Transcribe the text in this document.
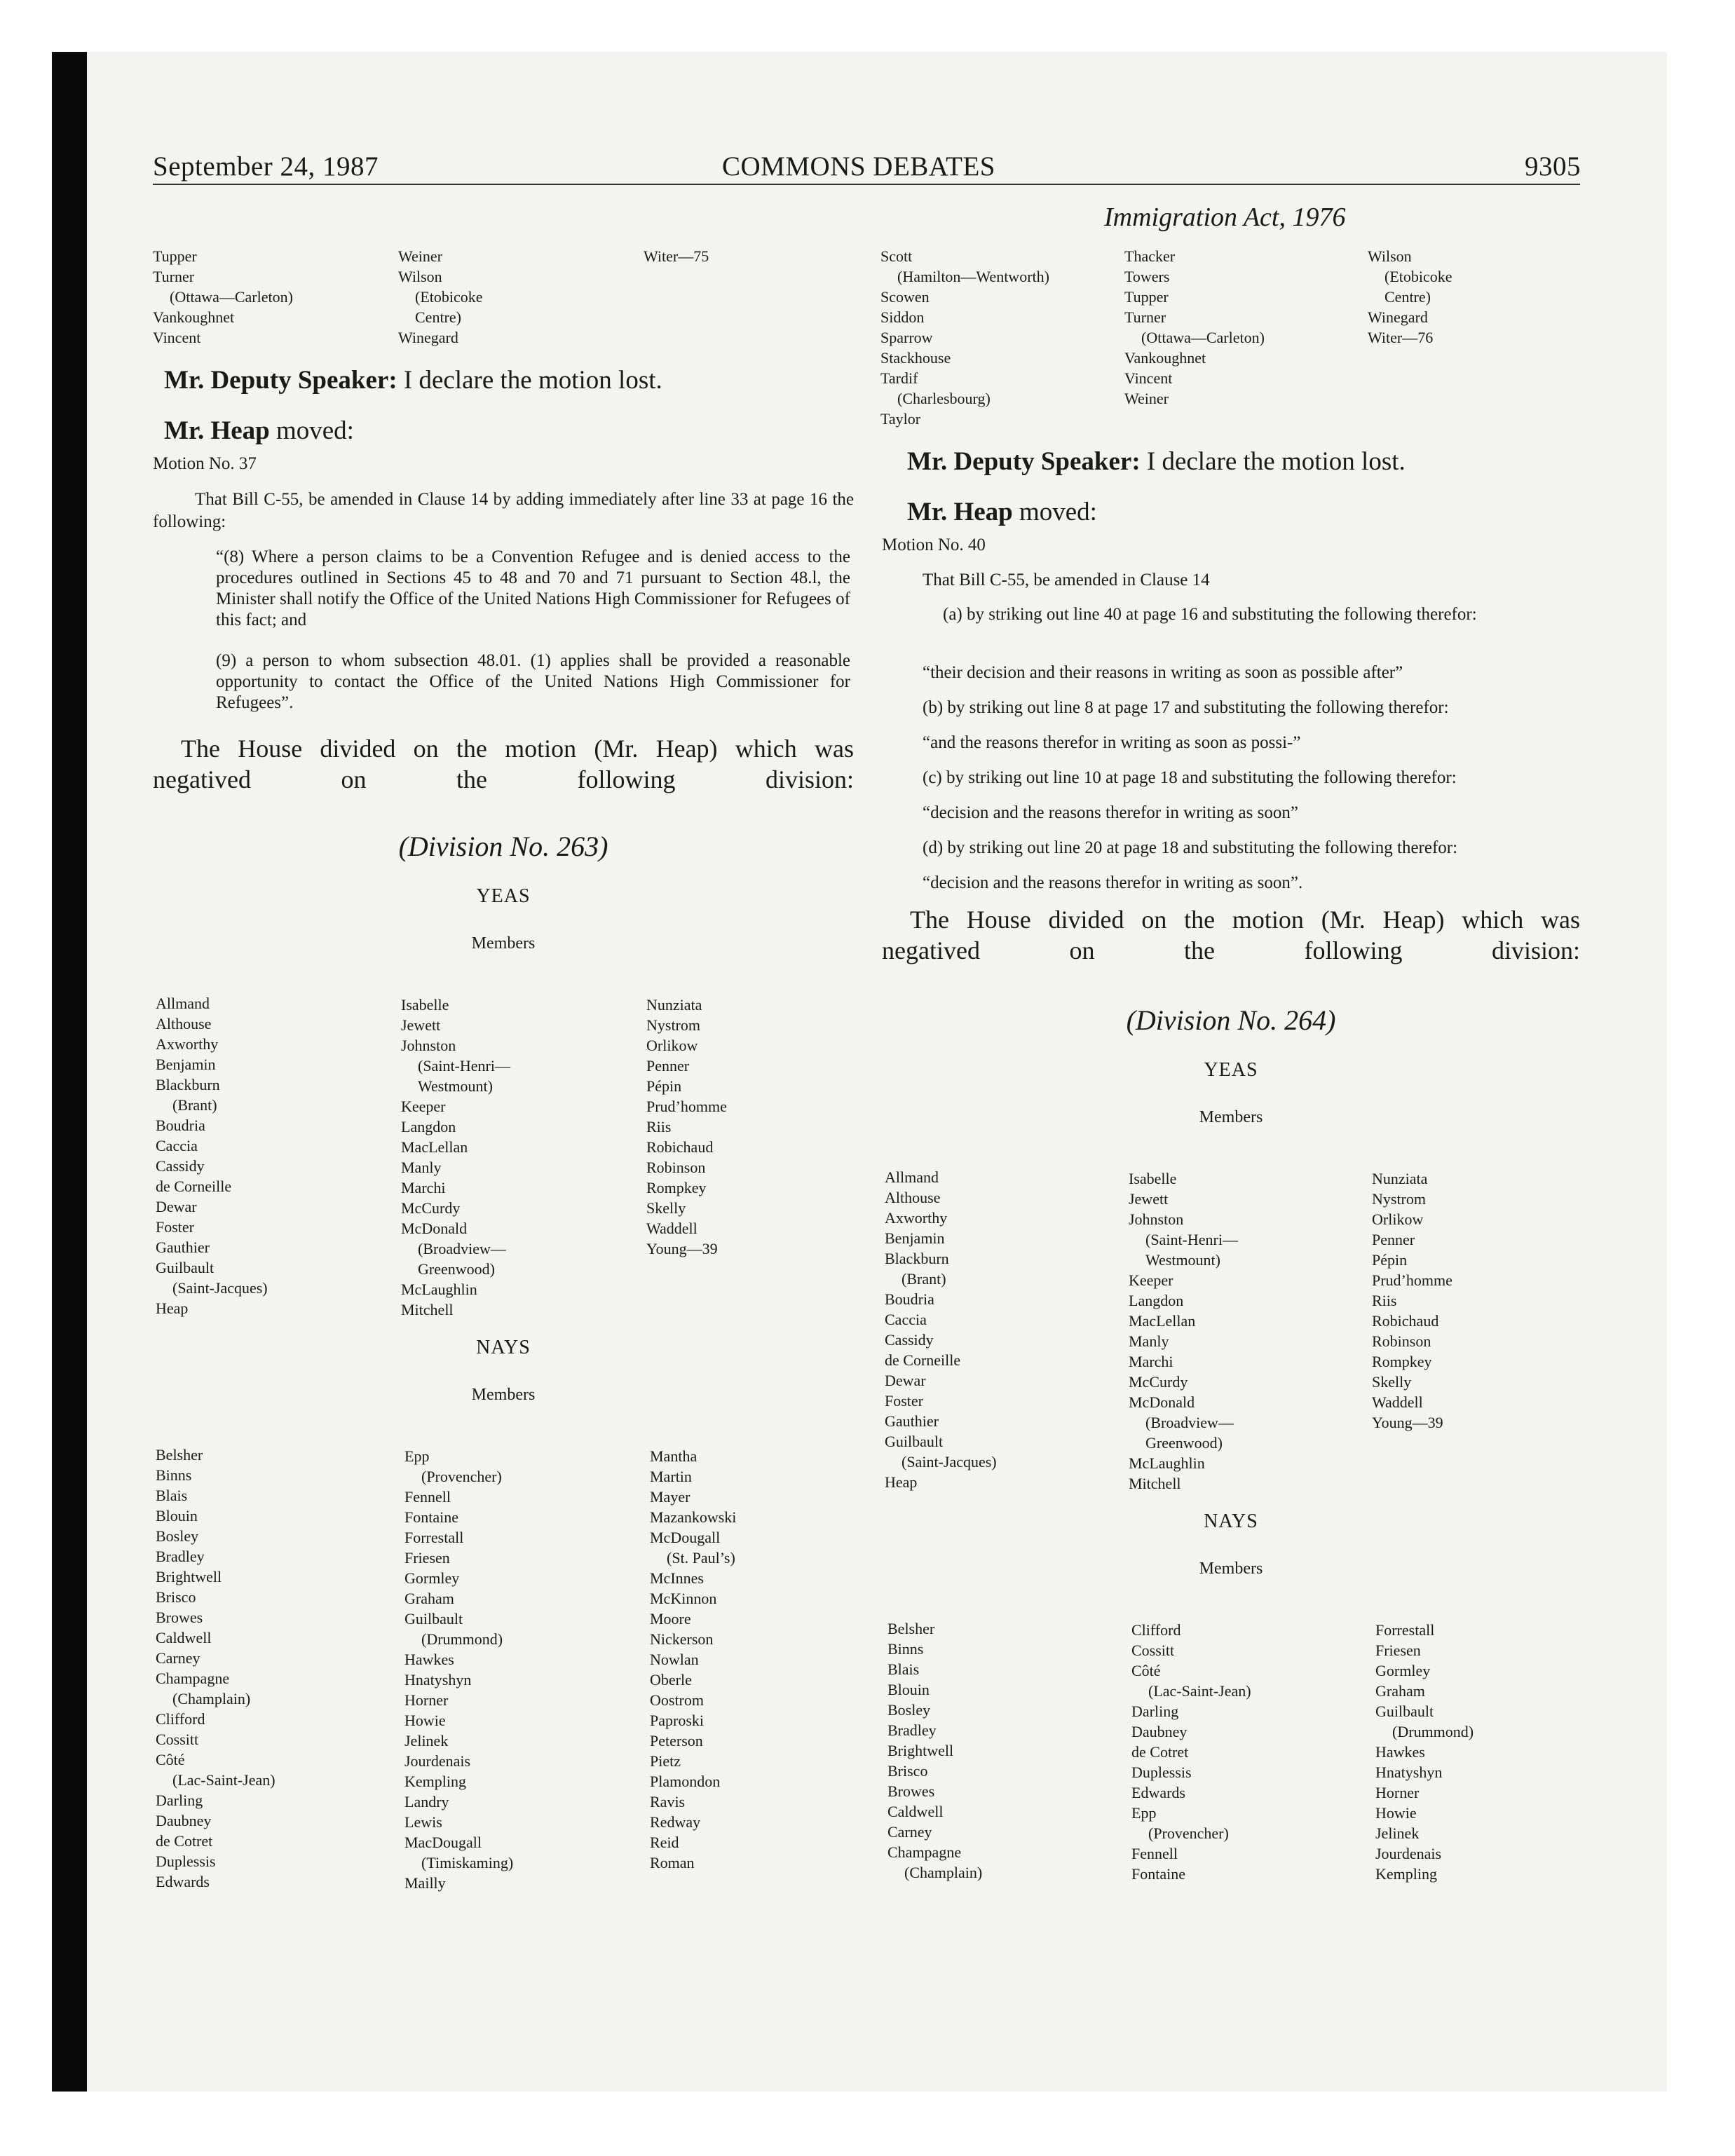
September 24, 1987	COMMONS DEBATES	9305
Immigration Act, 1976
Tupper
Turner
(Ottawa—Carleton)
Vankoughnet
Vincent
Weiner
Wilson
(Etobicoke
Centre)
Winegard
Witer—75
Mr. Deputy Speaker: I declare the motion lost.
Mr. Heap moved:
Motion No. 37
That Bill C-55, be amended in Clause 14 by adding immediately after line 33 at page 16 the following:
“(8) Where a person claims to be a Convention Refugee and is denied access to the procedures outlined in Sections 45 to 48 and 70 and 71 pursuant to Section 48.l, the Minister shall notify the Office of the United Nations High Commissioner for Refugees of this fact; and
(9) a person to whom subsection 48.01. (1) applies shall be provided a reasonable opportunity to contact the Office of the United Nations High Commissioner for Refugees”.
The House divided on the motion (Mr. Heap) which was negatived on the following division:
(Division No. 263)
YEAS
Members
Allmand
Althouse
Axworthy
Benjamin
Blackburn
(Brant)
Boudria
Caccia
Cassidy
de Corneille
Dewar
Foster
Gauthier
Guilbault
(Saint-Jacques)
Heap
Isabelle
Jewett
Johnston
(Saint-Henri—
Westmount)
Keeper
Langdon
MacLellan
Manly
Marchi
McCurdy
McDonald
(Broadview—
Greenwood)
McLaughlin
Mitchell
Nunziata
Nystrom
Orlikow
Penner
Pépin
Prud’homme
Riis
Robichaud
Robinson
Rompkey
Skelly
Waddell
Young—39
NAYS
Members
Belsher
Binns
Blais
Blouin
Bosley
Bradley
Brightwell
Brisco
Browes
Caldwell
Carney
Champagne
(Champlain)
Clifford
Cossitt
Côté
(Lac-Saint-Jean)
Darling
Daubney
de Cotret
Duplessis
Edwards
Epp
(Provencher)
Fennell
Fontaine
Forrestall
Friesen
Gormley
Graham
Guilbault
(Drummond)
Hawkes
Hnatyshyn
Horner
Howie
Jelinek
Jourdenais
Kempling
Landry
Lewis
MacDougall
(Timiskaming)
Mailly
Mantha
Martin
Mayer
Mazankowski
McDougall
(St. Paul’s)
McInnes
McKinnon
Moore
Nickerson
Nowlan
Oberle
Oostrom
Paproski
Peterson
Pietz
Plamondon
Ravis
Redway
Reid
Roman
Scott
(Hamilton—Wentworth)
Scowen
Siddon
Sparrow
Stackhouse
Tardif
(Charlesbourg)
Taylor
Thacker
Towers
Tupper
Turner
(Ottawa—Carleton)
Vankoughnet
Vincent
Weiner
Wilson
(Etobicoke
Centre)
Winegard
Witer—76
Mr. Deputy Speaker: I declare the motion lost.
Mr. Heap moved:
Motion No. 40
That Bill C-55, be amended in Clause 14
(a) by striking out line 40 at page 16 and substituting the following therefor:
“their decision and their reasons in writing as soon as possible after”
(b) by striking out line 8 at page 17 and substituting the following therefor:
“and the reasons therefor in writing as soon as possi-”
(c) by striking out line 10 at page 18 and substituting the following therefor:
“decision and the reasons therefor in writing as soon”
(d) by striking out line 20 at page 18 and substituting the following therefor:
“decision and the reasons therefor in writing as soon”.
The House divided on the motion (Mr. Heap) which was negatived on the following division:
(Division No. 264)
YEAS
Members
Allmand
Althouse
Axworthy
Benjamin
Blackburn
(Brant)
Boudria
Caccia
Cassidy
de Corneille
Dewar
Foster
Gauthier
Guilbault
(Saint-Jacques)
Heap
Isabelle
Jewett
Johnston
(Saint-Henri—
Westmount)
Keeper
Langdon
MacLellan
Manly
Marchi
McCurdy
McDonald
(Broadview—
Greenwood)
McLaughlin
Mitchell
Nunziata
Nystrom
Orlikow
Penner
Pépin
Prud’homme
Riis
Robichaud
Robinson
Rompkey
Skelly
Waddell
Young—39
NAYS
Members
Belsher
Binns
Blais
Blouin
Bosley
Bradley
Brightwell
Brisco
Browes
Caldwell
Carney
Champagne
(Champlain)
Clifford
Cossitt
Côté
(Lac-Saint-Jean)
Darling
Daubney
de Cotret
Duplessis
Edwards
Epp
(Provencher)
Fennell
Fontaine
Forrestall
Friesen
Gormley
Graham
Guilbault
(Drummond)
Hawkes
Hnatyshyn
Horner
Howie
Jelinek
Jourdenais
Kempling
